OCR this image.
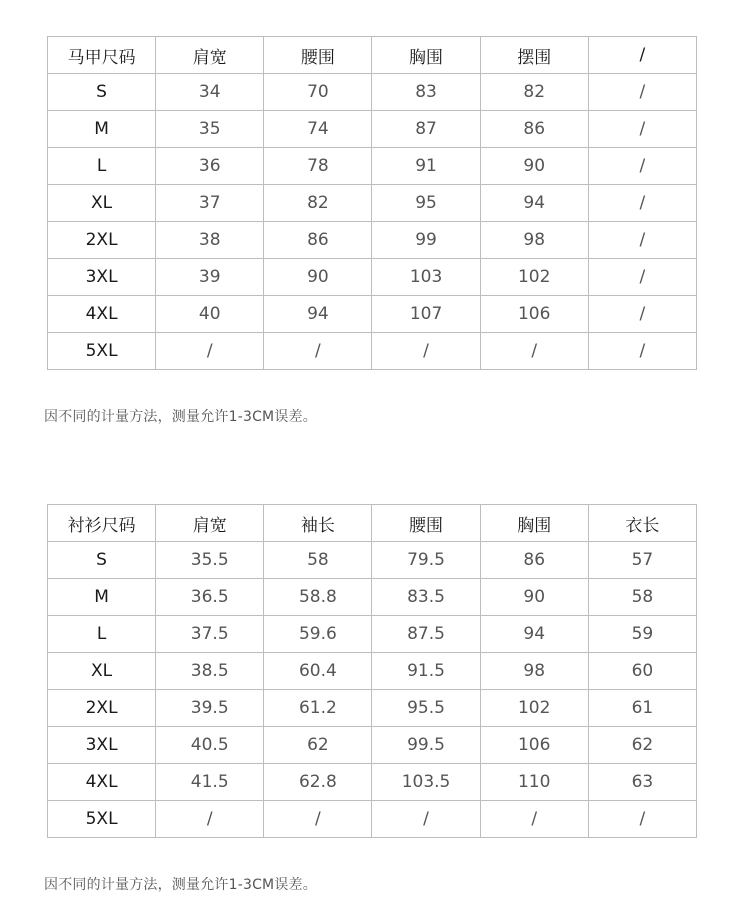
马甲尺码	肩宽	腰围	胸围	摆围	/
S	34	70	83	82	/
M	35	74	87	86	/
L	36	78	91	90	/
XL	37	82	95	94	/
2XL	38	86	99	98	/
3XL	39	90	103	102	/
4XL	40	94	107	106	/
5XL	/	/	/	/	/
因不同的计量方法，测量允许1-3CM误差。
衬衫尺码	肩宽	袖长	腰围	胸围	衣长
S	35.5	58	79.5	86	57
M	36.5	58.8	83.5	90	58
L	37.5	59.6	87.5	94	59
XL	38.5	60.4	91.5	98	60
2XL	39.5	61.2	95.5	102	61
3XL	40.5	62	99.5	106	62
4XL	41.5	62.8	103.5	110	63
5XL	/	/	/	/	/
因不同的计量方法，测量允许1-3CM误差。
